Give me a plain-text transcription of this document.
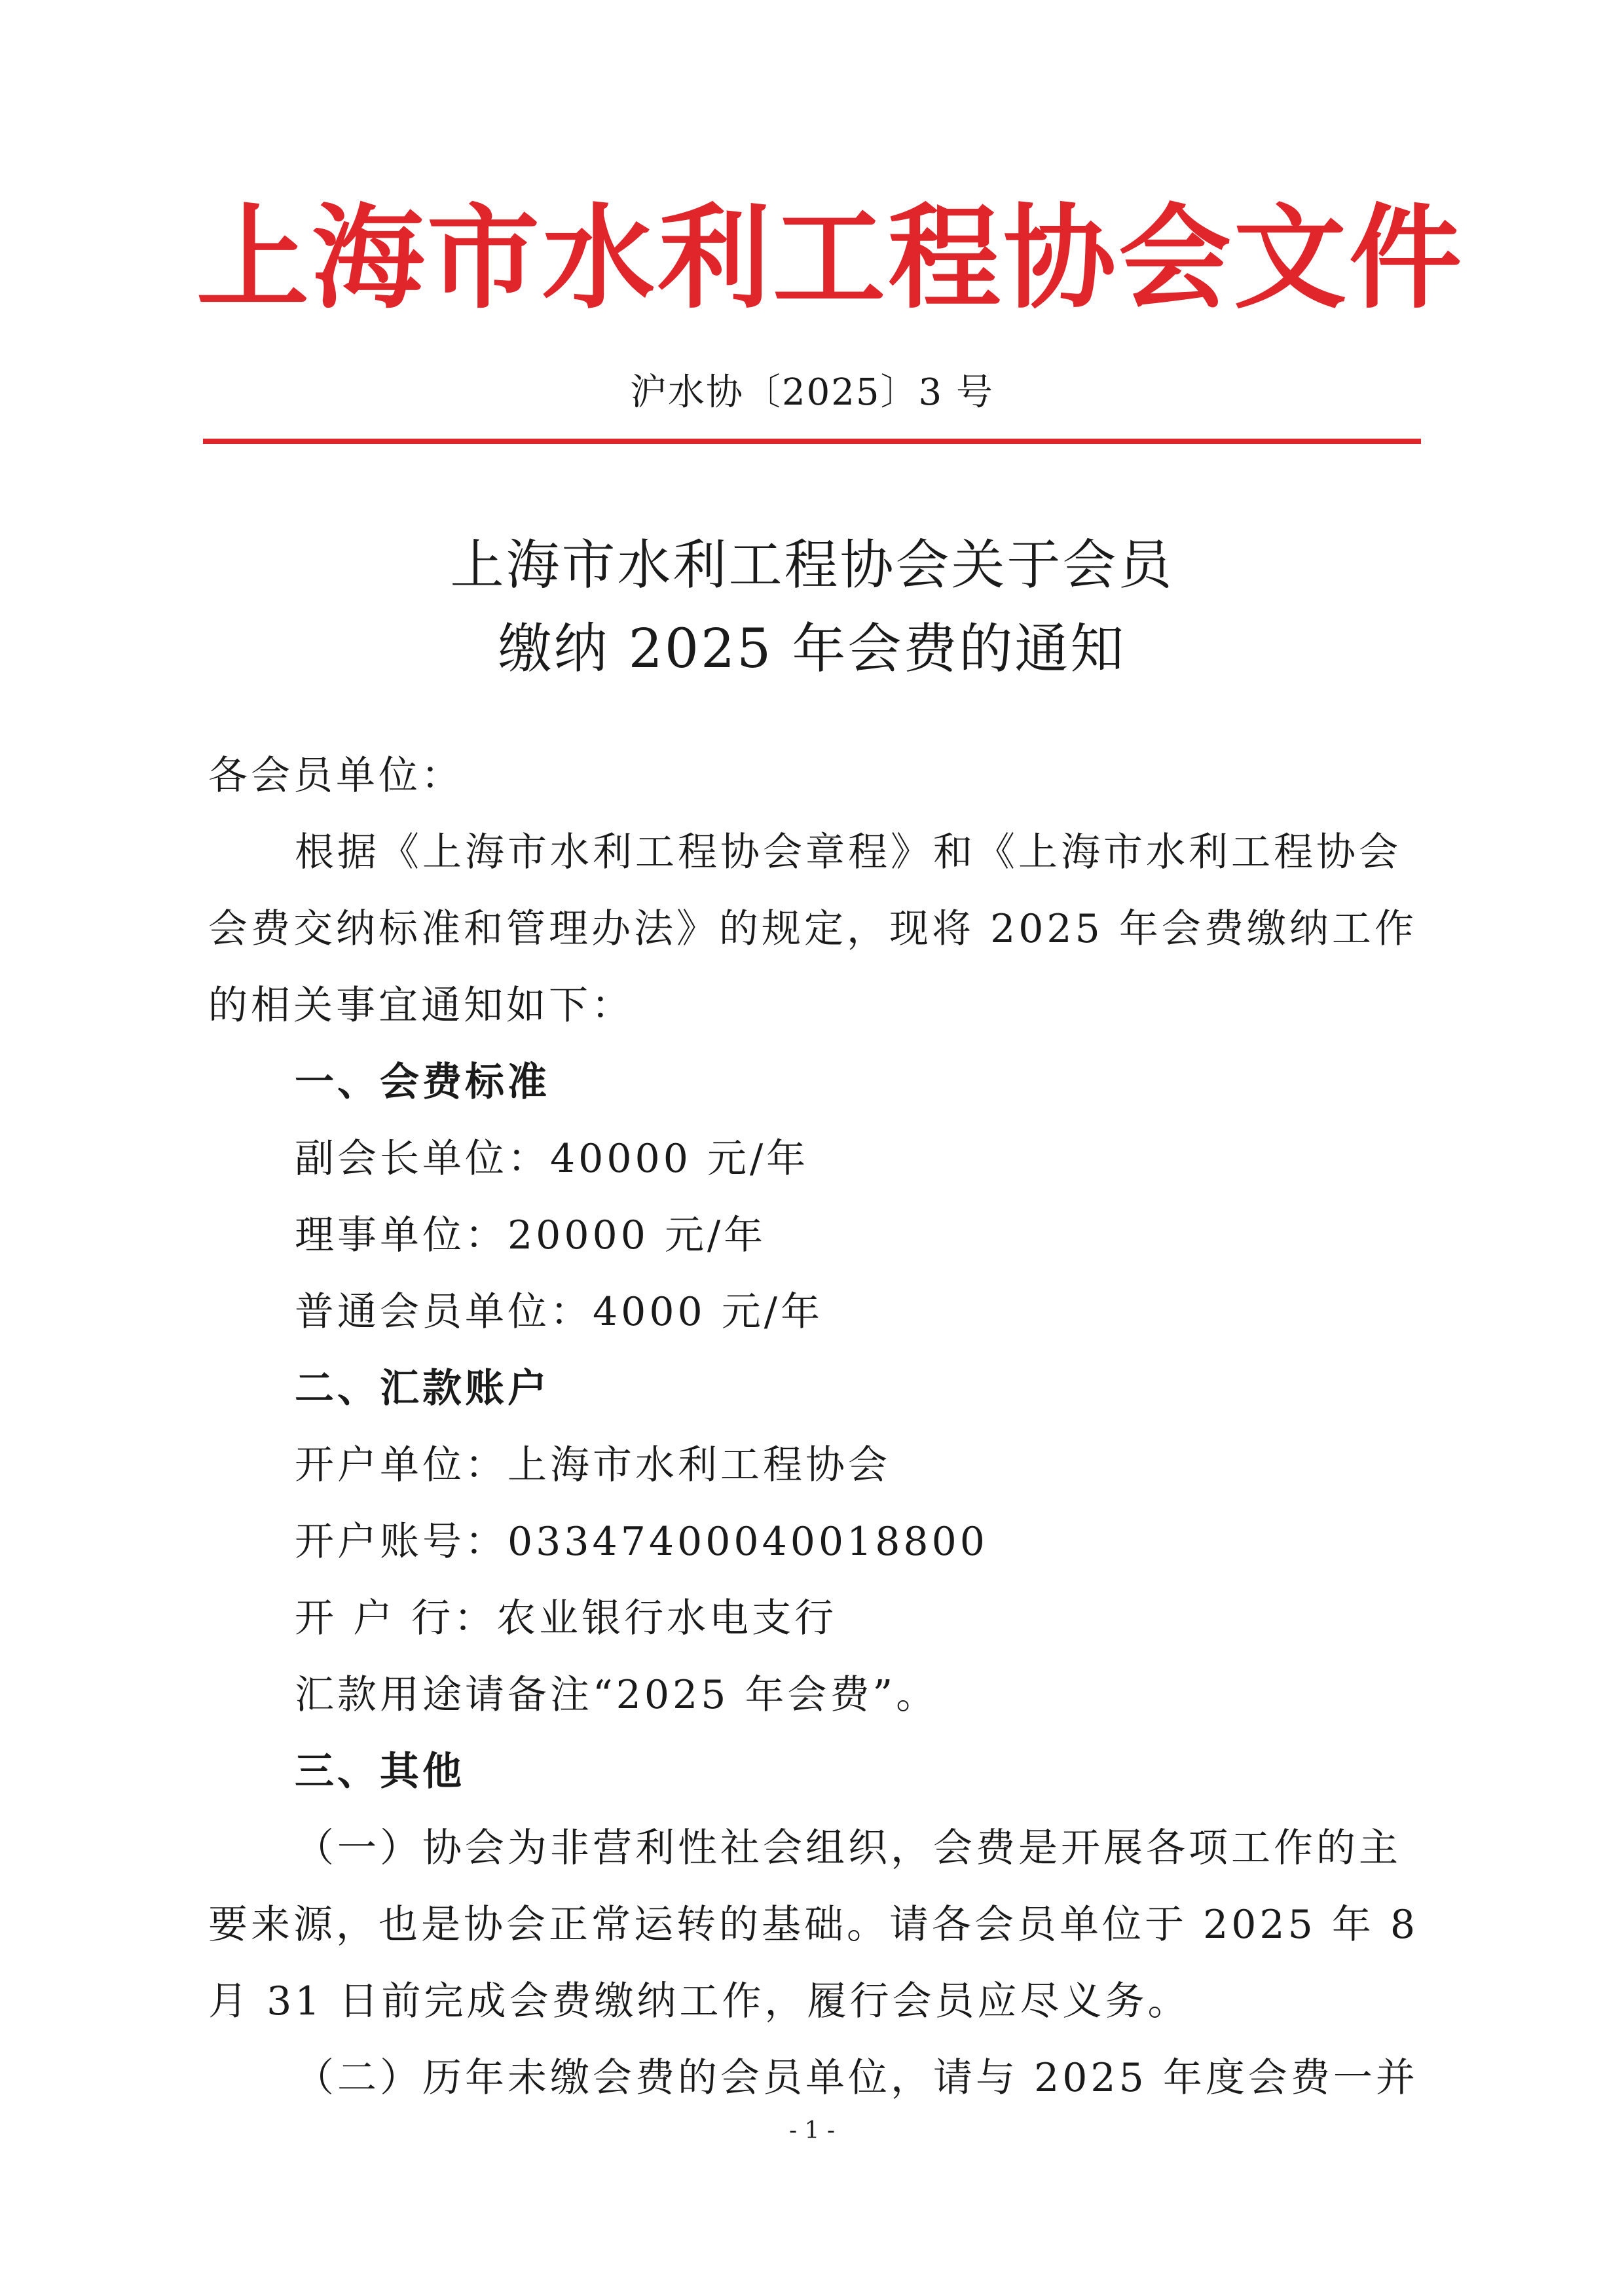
上海市水利工程协会文件
沪水协〔2025〕3 号
上海市水利工程协会关于会员
缴纳 2025 年会费的通知

各会员单位：

根据《上海市水利工程协会章程》和《上海市水利工程协会

会费交纳标准和管理办法》的规定，现将 2025 年会费缴纳工作

的相关事宜通知如下：

一、会费标准

副会长单位：40000 元/年

理事单位：20000 元/年

普通会员单位：4000 元/年

二、汇款账户

开户单位：上海市水利工程协会

开户账号：03347400040018800

开 户 行：农业银行水电支行

汇款用途请备注“2025 年会费”。

三、其他

（一）协会为非营利性社会组织，会费是开展各项工作的主

要来源，也是协会正常运转的基础。请各会员单位于 2025 年 8

月 31 日前完成会费缴纳工作，履行会员应尽义务。

（二）历年未缴会费的会员单位，请与 2025 年度会费一并

- 1 -
